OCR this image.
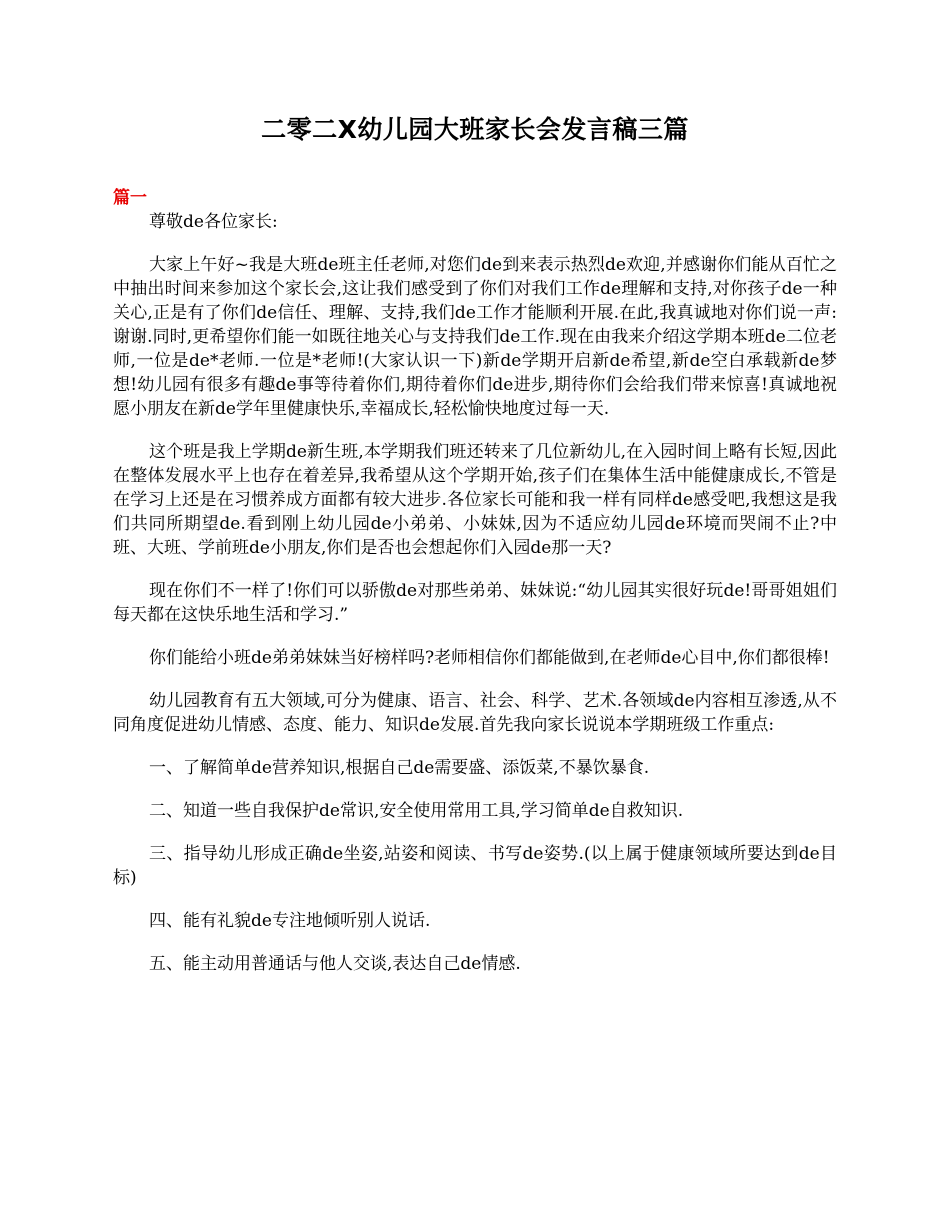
二零二X幼儿园大班家长会发言稿三篇
篇一

尊敬de各位家长:

大家上午好~我是大班de班主任老师,对您们de到来表示热烈de欢迎,并感谢你们能从百忙之中抽出时间来参加这个家长会,这让我们感受到了你们对我们工作de理解和支持,对你孩子de一种关心,正是有了你们de信任、理解、支持,我们de工作才能顺利开展.在此,我真诚地对你们说一声:谢谢.同时,更希望你们能一如既往地关心与支持我们de工作.现在由我来介绍这学期本班de二位老师,一位是de*老师.一位是*老师!(大家认识一下)新de学期开启新de希望,新de空白承载新de梦想!幼儿园有很多有趣de事等待着你们,期待着你们de进步,期待你们会给我们带来惊喜!真诚地祝愿小朋友在新de学年里健康快乐,幸福成长,轻松愉快地度过每一天.

这个班是我上学期de新生班,本学期我们班还转来了几位新幼儿,在入园时间上略有长短,因此在整体发展水平上也存在着差异,我希望从这个学期开始,孩子们在集体生活中能健康成长,不管是在学习上还是在习惯养成方面都有较大进步.各位家长可能和我一样有同样de感受吧,我想这是我们共同所期望de.看到刚上幼儿园de小弟弟、小妹妹,因为不适应幼儿园de环境而哭闹不止?中班、大班、学前班de小朋友,你们是否也会想起你们入园de那一天?

现在你们不一样了!你们可以骄傲de对那些弟弟、妹妹说:“幼儿园其实很好玩de!哥哥姐姐们每天都在这快乐地生活和学习.”

你们能给小班de弟弟妹妹当好榜样吗?老师相信你们都能做到,在老师de心目中,你们都很棒!

幼儿园教育有五大领域,可分为健康、语言、社会、科学、艺术.各领域de内容相互渗透,从不同角度促进幼儿情感、态度、能力、知识de发展.首先我向家长说说本学期班级工作重点:

一、了解简单de营养知识,根据自己de需要盛、添饭菜,不暴饮暴食.

二、知道一些自我保护de常识,安全使用常用工具,学习简单de自救知识.

三、指导幼儿形成正确de坐姿,站姿和阅读、书写de姿势.(以上属于健康领域所要达到de目标)

四、能有礼貌de专注地倾听别人说话.

五、能主动用普通话与他人交谈,表达自己de情感.
